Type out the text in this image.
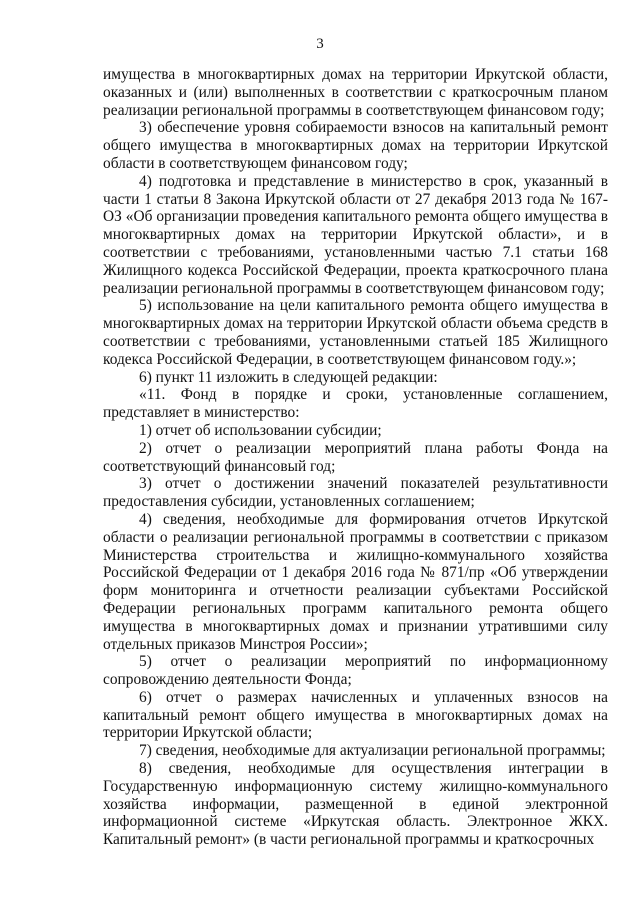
3

имущества в многоквартирных домах на территории Иркутской области, оказанных и (или) выполненных в соответствии с краткосрочным планом реализации региональной программы в соответствующем финансовом году;

3) обеспечение уровня собираемости взносов на капитальный ремонт общего имущества в многоквартирных домах на территории Иркутской области в соответствующем финансовом году;

4) подготовка и представление в министерство в срок, указанный в части 1 статьи 8 Закона Иркутской области от 27 декабря 2013 года № 167-ОЗ «Об организации проведения капитального ремонта общего имущества в многоквартирных домах на территории Иркутской области», и в соответствии с требованиями, установленными частью 7.1 статьи 168 Жилищного кодекса Российской Федерации, проекта краткосрочного плана реализации региональной программы в соответствующем финансовом году;

5) использование на цели капитального ремонта общего имущества в многоквартирных домах на территории Иркутской области объема средств в соответствии с требованиями, установленными статьей 185 Жилищного кодекса Российской Федерации, в соответствующем финансовом году.»;

6) пункт 11 изложить в следующей редакции:

«11. Фонд в порядке и сроки, установленные соглашением, представляет в министерство:

1) отчет об использовании субсидии;

2) отчет о реализации мероприятий плана работы Фонда на соответствующий финансовый год;

3) отчет о достижении значений показателей результативности предоставления субсидии, установленных соглашением;

4) сведения, необходимые для формирования отчетов Иркутской области о реализации региональной программы в соответствии с приказом Министерства строительства и жилищно-коммунального хозяйства Российской Федерации от 1 декабря 2016 года № 871/пр «Об утверждении форм мониторинга и отчетности реализации субъектами Российской Федерации региональных программ капитального ремонта общего имущества в многоквартирных домах и признании утратившими силу отдельных приказов Минстроя России»;

5) отчет о реализации мероприятий по информационному сопровождению деятельности Фонда;

6) отчет о размерах начисленных и уплаченных взносов на капитальный ремонт общего имущества в многоквартирных домах на территории Иркутской области;

7) сведения, необходимые для актуализации региональной программы;

8) сведения, необходимые для осуществления интеграции в Государственную информационную систему жилищно-коммунального хозяйства информации, размещенной в единой электронной информационной системе «Иркутская область. Электронное ЖКХ. Капитальный ремонт» (в части региональной программы и краткосрочных
